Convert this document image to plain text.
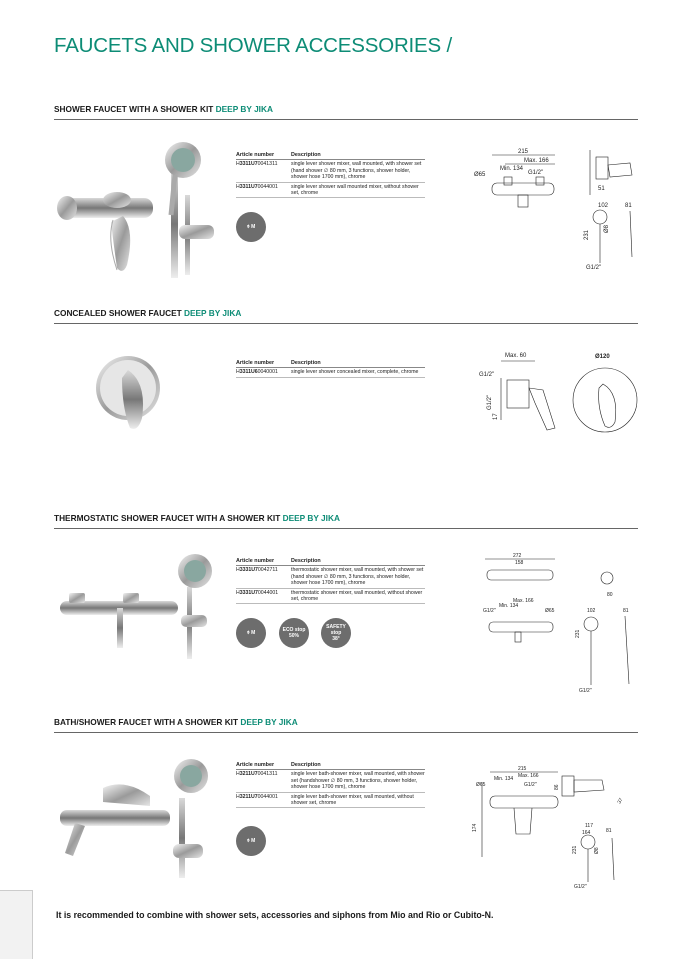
FAUCETS AND SHOWER ACCESSORIES /
SHOWER FAUCET WITH A SHOWER KIT DEEP BY JIKA
Article number	Description
H3311U70041311	single lever shower mixer, wall mounted, with shower set (hand shower ∅ 80 mm, 3 functions, shower holder, shower hose 1700 mm), chrome
H3311U70044001	single lever shower wall mounted mixer, without shower set, chrome
⌽ M
215
Max. 166
Min. 134
Ø65	G1/2"
51
102	81
231
Ø8
G1/2"
CONCEALED SHOWER FAUCET DEEP BY JIKA
Article number	Description
H3311U60040001	single lever shower concealed mixer, complete, chrome
Max. 60
G1/2"
G1/2"
17
Ø120
THERMOSTATIC SHOWER FAUCET WITH A SHOWER KIT DEEP BY JIKA
Article number	Description
H3331U70042711	thermostatic shower mixer, wall mounted, with shower set (hand shower ∅ 80 mm, 3 functions, shower holder, shower hose 1700 mm), chrome
H3331U70044001	thermostatic shower mixer, wall mounted, without shower set, chrome
⌽ M	ECO stop
50%
SAFETY stop
38°
272
158
Max. 166
Min. 134
G1/2"	Ø65
80
102	81
231
G1/2"
BATH/SHOWER FAUCET WITH A SHOWER KIT DEEP BY JIKA
Article number	Description
H3211U70041311	single lever bath-shower mixer, wall mounted, with shower set (handshower ∅ 80 mm, 3 functions, shower holder, shower hose 1700 mm), chrome
H3211U70044001	single lever bath-shower mixer, wall mounted, without shower set, chrome
⌽ M
215
Max. 166
Min. 134
G1/2"
Ø65
174	117
164
86
37
81
231	Ø8
G1/2"
It is recommended to combine with shower sets, accessories and siphons from Mio and Rio or Cubito-N.
